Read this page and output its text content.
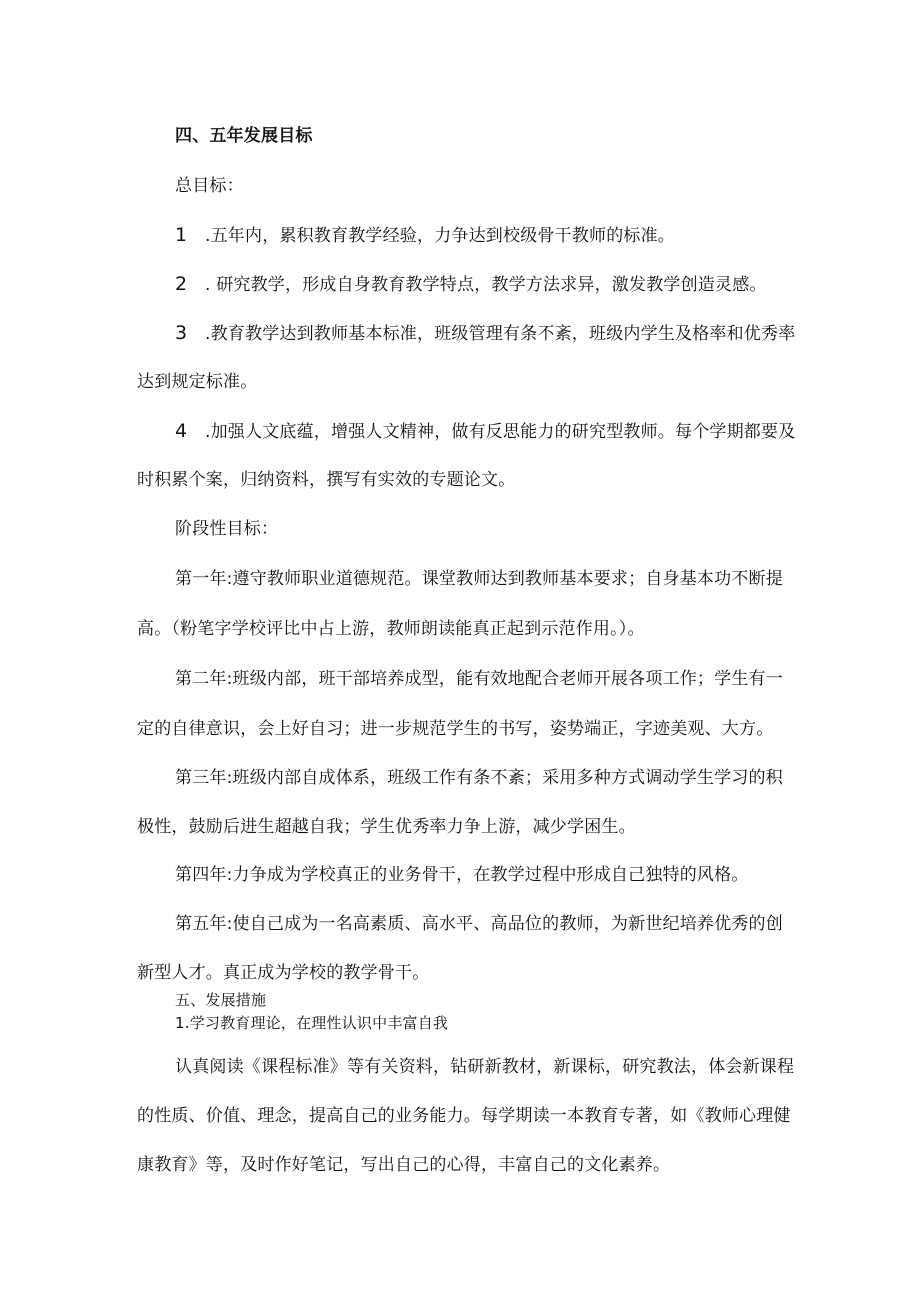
四、五年发展目标
总目标：
1 .五年内，累积教育教学经验，力争达到校级骨干教师的标准。
2 . 研究教学，形成自身教育教学特点，教学方法求异，激发教学创造灵感。
3 .教育教学达到教师基本标准，班级管理有条不紊，班级内学生及格率和优秀率
达到规定标准。
4 .加强人文底蕴，增强人文精神，做有反思能力的研究型教师。每个学期都要及
时积累个案，归纳资料，撰写有实效的专题论文。
阶段性目标：
第一年:遵守教师职业道德规范。课堂教师达到教师基本要求；自身基本功不断提
高。（粉笔字学校评比中占上游，教师朗读能真正起到示范作用。）。
第二年:班级内部，班干部培养成型，能有效地配合老师开展各项工作；学生有一
定的自律意识，会上好自习；进一步规范学生的书写，姿势端正，字迹美观、大方。
第三年:班级内部自成体系，班级工作有条不紊；采用多种方式调动学生学习的积
极性，鼓励后进生超越自我；学生优秀率力争上游，减少学困生。
第四年:力争成为学校真正的业务骨干，在教学过程中形成自己独特的风格。
第五年:使自己成为一名高素质、高水平、高品位的教师，为新世纪培养优秀的创
新型人才。真正成为学校的教学骨干。
五、发展措施
1.学习教育理论，在理性认识中丰富自我
认真阅读《课程标准》等有关资料，钻研新教材，新课标，研究教法，体会新课程
的性质、价值、理念，提高自己的业务能力。每学期读一本教育专著，如《教师心理健
康教育》等，及时作好笔记，写出自己的心得，丰富自己的文化素养。
